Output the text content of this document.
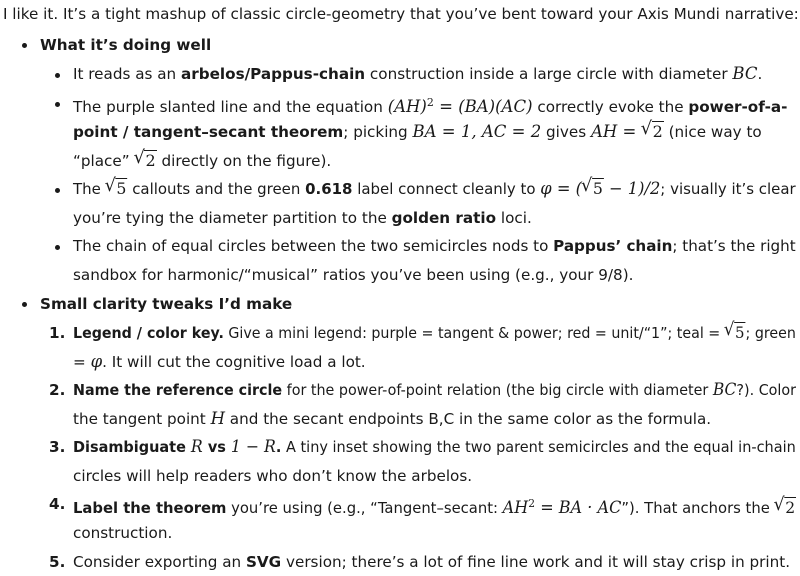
I like it. It’s a tight mashup of classic circle-geometry that you’ve bent toward your Axis Mundi narrative:
What it’s doing well
It reads as an arbelos/Pappus-chain construction inside a large circle with diameter BC.
The purple slanted line and the equation (AH)$^2$ = (BA)(AC) correctly evoke the power-of-a-
point / tangent–secant theorem; picking BA = 1, AC = 2 gives AH = √ 2 (nice way to
“place” √ 2 directly on the figure).
The √ 5 callouts and the green 0.618 label connect cleanly to φ = (√ 5 − 1)/2; visually it’s clear
you’re tying the diameter partition to the golden ratio loci.
The chain of equal circles between the two semicircles nods to Pappus’ chain; that’s the right
sandbox for harmonic/“musical” ratios you’ve been using (e.g., your 9/8).
Small clarity tweaks I’d make
1. Legend / color key. Give a mini legend: purple = tangent & power; red = unit/“1”; teal = √ 5; green
= φ. It will cut the cognitive load a lot.
2. Name the reference circle for the power-of-point relation (the big circle with diameter BC?). Color
the tangent point H and the secant endpoints B,C in the same color as the formula.
3. Disambiguate R vs 1 − R. A tiny inset showing the two parent semicircles and the equal in-chain
circles will help readers who don’t know the arbelos.
4. Label the theorem you’re using (e.g., “Tangent–secant: $AH^2$ = BA · AC”). That anchors the √ 2
construction.
5. Consider exporting an SVG version; there’s a lot of fine line work and it will stay crisp in print.
